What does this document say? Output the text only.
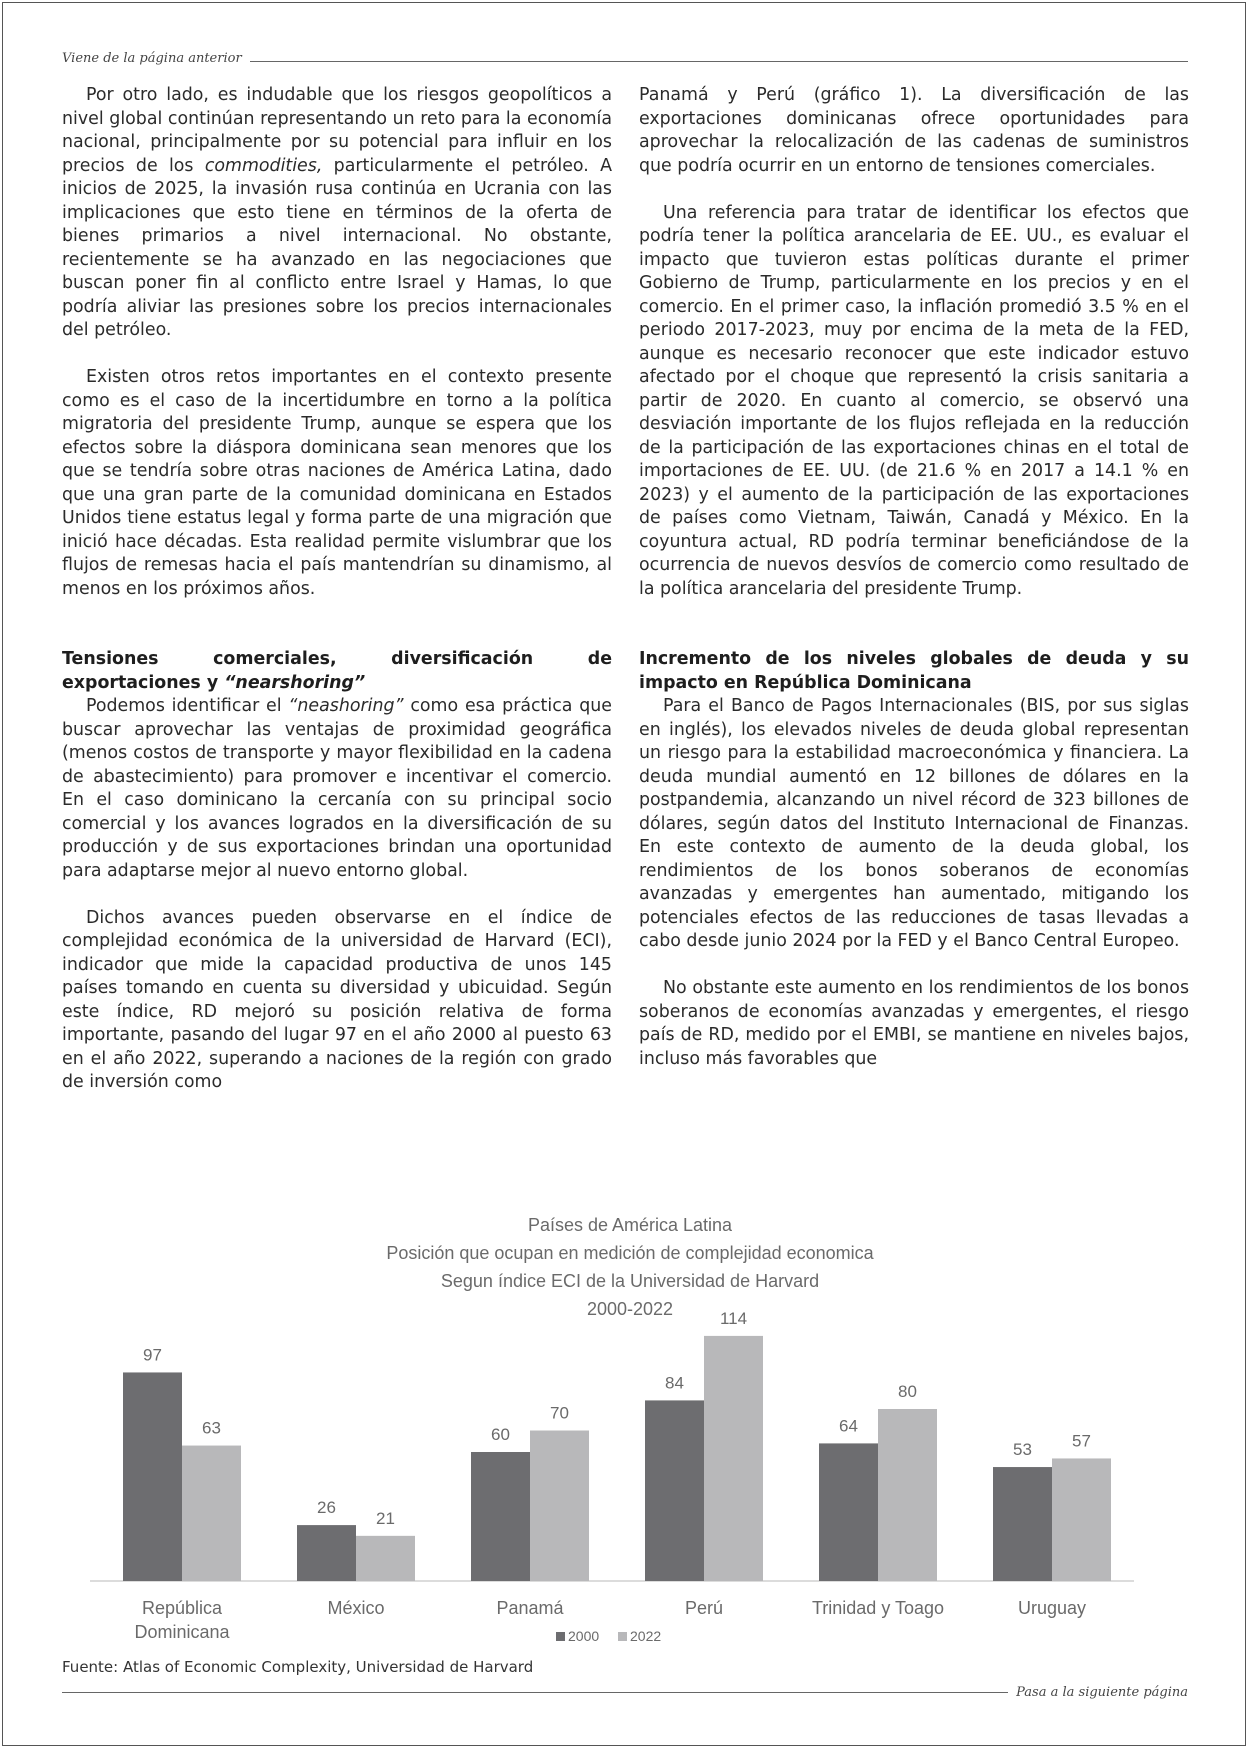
Viene de la página anterior

Por otro lado, es indudable que los riesgos geopolíticos a nivel global continúan representando un reto para la economía nacional, principalmente por su potencial para influir en los precios de los commodities, particularmente el petróleo. A inicios de 2025, la invasión rusa continúa en Ucrania con las implicaciones que esto tiene en términos de la oferta de bienes primarios a nivel internacional. No obstante, recientemente se ha avanzado en las negociaciones que buscan poner fin al conflicto entre Israel y Hamas, lo que podría aliviar las presiones sobre los precios internacionales del petróleo.

Existen otros retos importantes en el contexto presente como es el caso de la incertidumbre en torno a la política migratoria del presidente Trump, aunque se espera que los efectos sobre la diáspora dominicana sean menores que los que se tendría sobre otras naciones de América Latina, dado que una gran parte de la comunidad dominicana en Estados Unidos tiene estatus legal y forma parte de una migración que inició hace décadas. Esta realidad permite vislumbrar que los flujos de remesas hacia el país mantendrían su dinamismo, al menos en los próximos años.

Tensiones comerciales, diversificación de
exportaciones y “nearshoring”

Podemos identificar el “neashoring” como esa práctica que buscar aprovechar las ventajas de proximidad geográfica (menos costos de transporte y mayor flexibilidad en la cadena de abastecimiento) para promover e incentivar el comercio. En el caso dominicano la cercanía con su principal socio comercial y los avances logrados en la diversificación de su producción y de sus exportaciones brindan una oportunidad para adaptarse mejor al nuevo entorno global.

Dichos avances pueden observarse en el índice de complejidad económica de la universidad de Harvard (ECI), indicador que mide la capacidad productiva de unos 145 países tomando en cuenta su diversidad y ubicuidad. Según este índice, RD mejoró su posición relativa de forma importante, pasando del lugar 97 en el año 2000 al puesto 63 en el año 2022, superando a naciones de la región con grado de inversión como

Panamá y Perú (gráfico 1). La diversificación de las exportaciones dominicanas ofrece oportunidades para aprovechar la relocalización de las cadenas de suministros que podría ocurrir en un entorno de tensiones comerciales.

Una referencia para tratar de identificar los efectos que podría tener la política arancelaria de EE. UU., es evaluar el impacto que tuvieron estas políticas durante el primer Gobierno de Trump, particularmente en los precios y en el comercio. En el primer caso, la inflación promedió 3.5 % en el periodo 2017-2023, muy por encima de la meta de la FED, aunque es necesario reconocer que este indicador estuvo afectado por el choque que representó la crisis sanitaria a partir de 2020. En cuanto al comercio, se observó una desviación importante de los flujos reflejada en la reducción de la participación de las exportaciones chinas en el total de importaciones de EE. UU. (de 21.6 % en 2017 a 14.1 % en 2023) y el aumento de la participación de las exportaciones de países como Vietnam, Taiwán, Canadá y México. En la coyuntura actual, RD podría terminar beneficiándose de la ocurrencia de nuevos desvíos de comercio como resultado de la política arancelaria del presidente Trump.

Incremento de los niveles globales de deuda y su impacto en República Dominicana

Para el Banco de Pagos Internacionales (BIS, por sus siglas en inglés), los elevados niveles de deuda global representan un riesgo para la estabilidad macroeconómica y financiera. La deuda mundial aumentó en 12 billones de dólares en la postpandemia, alcanzando un nivel récord de 323 billones de dólares, según datos del Instituto Internacional de Finanzas. En este contexto de aumento de la deuda global, los rendimientos de los bonos soberanos de economías avanzadas y emergentes han aumentado, mitigando los potenciales efectos de las reducciones de tasas llevadas a cabo desde junio 2024 por la FED y el Banco Central Europeo.

No obstante este aumento en los rendimientos de los bonos soberanos de economías avanzadas y emergentes, el riesgo país de RD, medido por el EMBI, se mantiene en niveles bajos, incluso más favorables que

Países de América Latina
Posición que ocupan en medición de complejidad economica
Segun índice ECI de la Universidad de Harvard
2000-2022
97
63
República
Dominicana
26
21
México
60
70
Panamá
84
114
Perú
64
80
Trinidad y Toago
53 57
Uruguay
2000 2022
Fuente: Atlas of Economic Complexity, Universidad de Harvard
Pasa a la siguiente página
